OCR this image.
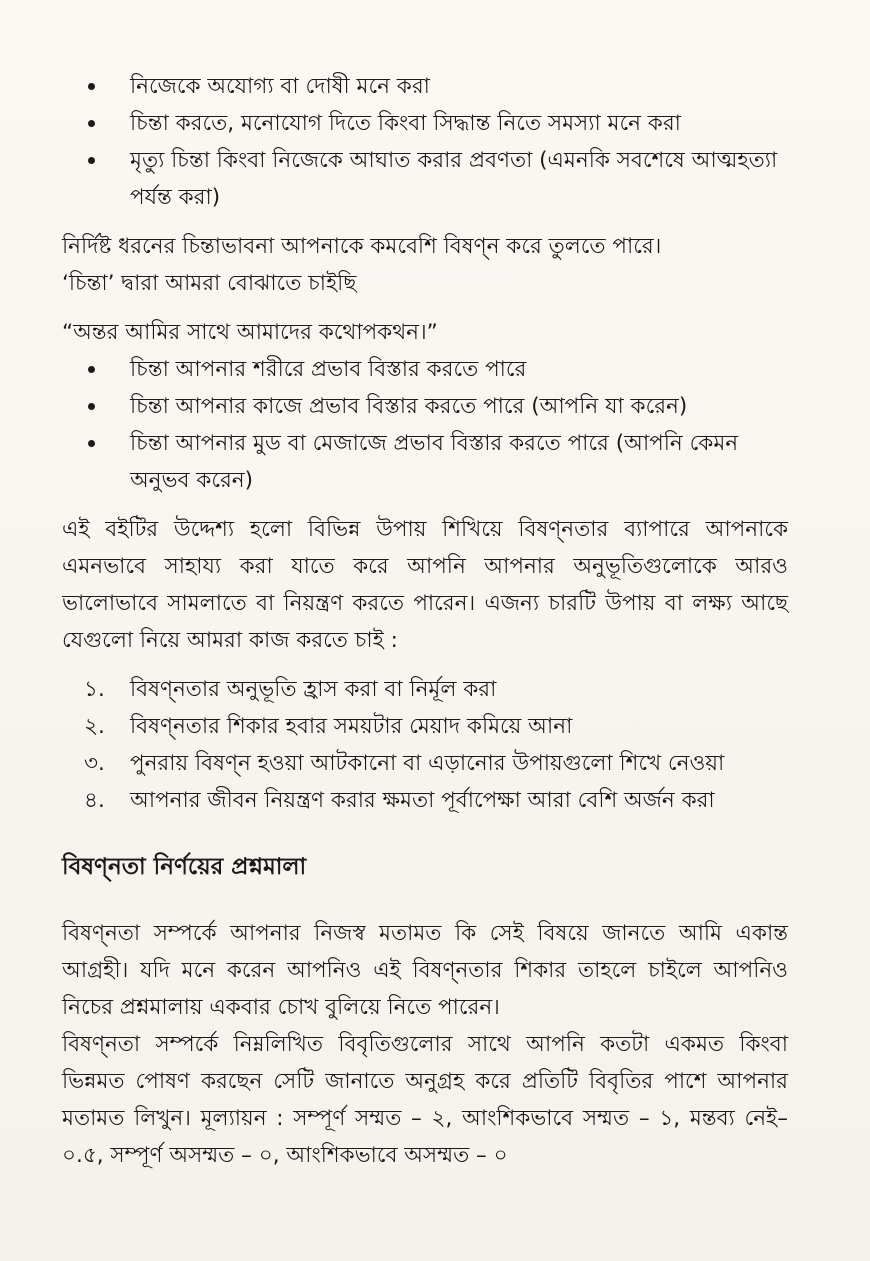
নিজেকে অযোগ্য বা দোষী মনে করা
চিন্তা করতে, মনোযোগ দিতে কিংবা সিদ্ধান্ত নিতে সমস্যা মনে করা
মৃত্যু চিন্তা কিংবা নিজেকে আঘাত করার প্রবণতা (এমনকি সবশেষে আত্মহত্যা পর্যন্ত করা)

নির্দিষ্ট ধরনের চিন্তাভাবনা আপনাকে কমবেশি বিষণ্ন করে তুলতে পারে।

‘চিন্তা’ দ্বারা আমরা বোঝাতে চাইছি

“অন্তর আমির সাথে আমাদের কথোপকথন।”

চিন্তা আপনার শরীরে প্রভাব বিস্তার করতে পারে
চিন্তা আপনার কাজে প্রভাব বিস্তার করতে পারে (আপনি যা করেন)
চিন্তা আপনার মুড বা মেজাজে প্রভাব বিস্তার করতে পারে (আপনি কেমন অনুভব করেন)

এই বইটির উদ্দেশ্য হলো বিভিন্ন উপায় শিখিয়ে বিষণ্নতার ব্যাপারে আপনাকে এমনভাবে সাহায্য করা যাতে করে আপনি আপনার অনুভূতিগুলোকে আরও ভালোভাবে সামলাতে বা নিয়ন্ত্রণ করতে পারেন। এজন্য চারটি উপায় বা লক্ষ্য আছে যেগুলো নিয়ে আমরা কাজ করতে চাই :

১. বিষণ্নতার অনুভূতি হ্রাস করা বা নির্মূল করা
২. বিষণ্নতার শিকার হবার সময়টার মেয়াদ কমিয়ে আনা
৩. পুনরায় বিষণ্ন হওয়া আটকানো বা এড়ানোর উপায়গুলো শিখে নেওয়া
৪. আপনার জীবন নিয়ন্ত্রণ করার ক্ষমতা পূর্বাপেক্ষা আরা বেশি অর্জন করা
বিষণ্নতা নির্ণয়ের প্রশ্নমালা

বিষণ্নতা সম্পর্কে আপনার নিজস্ব মতামত কি সেই বিষয়ে জানতে আমি একান্ত আগ্রহী। যদি মনে করেন আপনিও এই বিষণ্নতার শিকার তাহলে চাইলে আপনিও নিচের প্রশ্নমালায় একবার চোখ বুলিয়ে নিতে পারেন।

বিষণ্নতা সম্পর্কে নিম্নলিখিত বিবৃতিগুলোর সাথে আপনি কতটা একমত কিংবা ভিন্নমত পোষণ করছেন সেটি জানাতে অনুগ্রহ করে প্রতিটি বিবৃতির পাশে আপনার মতামত লিখুন। মূল্যায়ন : সম্পূর্ণ সম্মত – ২, আংশিকভাবে সম্মত – ১, মন্তব্য নেই– ০.৫, সম্পূর্ণ অসম্মত – ০, আংশিকভাবে অসম্মত – ০
